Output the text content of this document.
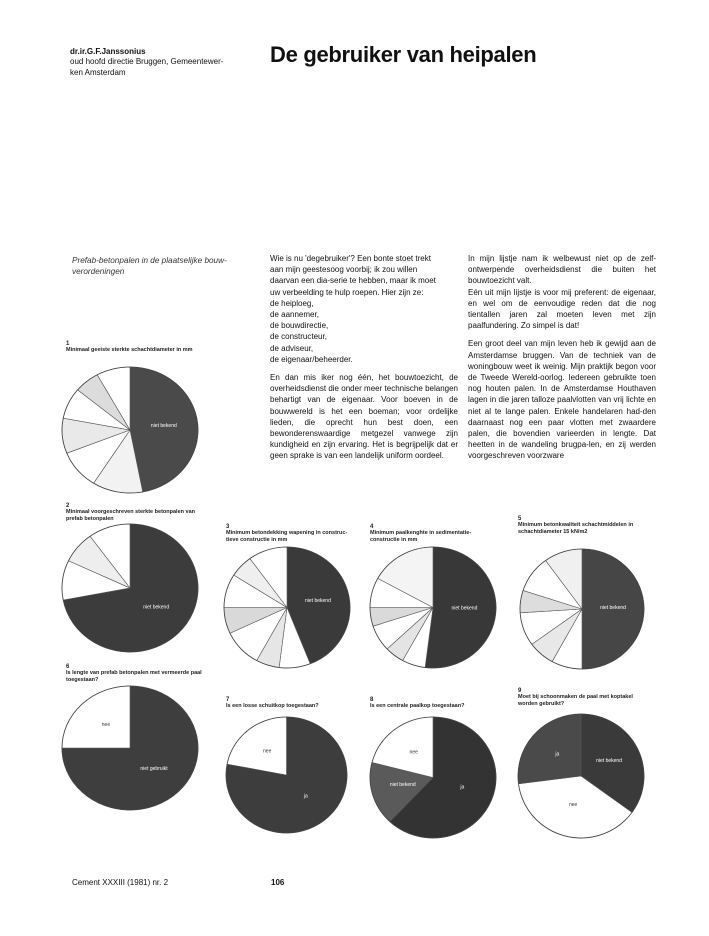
dr.ir.G.F.Janssonius
oud hoofd directie Bruggen, Gemeentewer-
ken Amsterdam
De gebruiker van heipalen
Prefab-betonpalen in de plaatselijke bouw-
verordeningen

Wie is nu 'degebruiker'? Een bonte stoet trekt
aan mijn geestesoog voorbij; ik zou willen
daarvan een dia-serie te hebben, maar ik moet
uw verbeelding te hulp roepen. Hier zijn ze:
de heiploeg,
de aannemer,
de bouwdirectie,
de constructeur,
de adviseur,
de eigenaar/beheerder.

En dan mis iker nog één, het bouwtoezicht, de overheidsdienst die onder meer technische belangen behartigt van de eigenaar. Voor boeven in de bouwwereld is het een boeman; voor ordelijke lieden, die oprecht hun best doen, een bewonderenswaardige metgezel vanwege zijn kundigheid en zijn ervaring. Het is begrijpelijk dat er geen sprake is van een landelijk uniform oordeel.

In mijn lijstje nam ik welbewust niet op de zelf-ontwerpende overheidsdienst die buiten het bouwtoezicht valt.

Eén uit mijn lijstje is voor mij preferent: de eigenaar, en wel om de eenvoudige reden dat die nog tientallen jaren zal moeten leven met zijn paalfundering. Zo simpel is dat!

Een groot deel van mijn leven heb ik gewijd aan de Amsterdamse bruggen. Van de techniek van de woningbouw weet ik weinig. Mijn praktijk begon voor de Tweede Wereld-oorlog. Iedereen gebruikte toen nog houten palen. In de Amsterdamse Houthaven lagen in die jaren talloze paalvlotten van vrij lichte en niet al te lange palen. Enkele handelaren had-den daarnaast nog een paar vlotten met zwaardere palen, die bovendien varieerden in lengte. Dat heetten in de wandeling brugpa-len, en zij werden voorgeschreven voorzware

1
Minimaal geeiste sterkte schachtdiameter in mm
niet bekend
2
Minimaal voorgeschreven sterkte betonpalen van prefab betonpalen
niet bekend
3
Minimum betondekking wapening in construc- tieve constructie in mm
niet bekend
4
Minimum paalkenghte in sedimentatie- constructie in mm
niet bekend
5
Minimum betonkwaliteit schachtmiddelen in schachtdiameter 15 kN/m2
niet bekend
6
Is lengte van prefab betonpalen met vermeerde paal toegestaan?
niet gebruikt
nee
7
Is een losse schuitkop toegestaan?
ja
nee
8
Is een centrale paalkop toegestaan?
ja
niet bekend
nee
9
Moet bij schoonmaken de paal met koptakel worden gebruikt?
niet bekend
nee
ja
Cement XXXIII (1981) nr. 2	106
